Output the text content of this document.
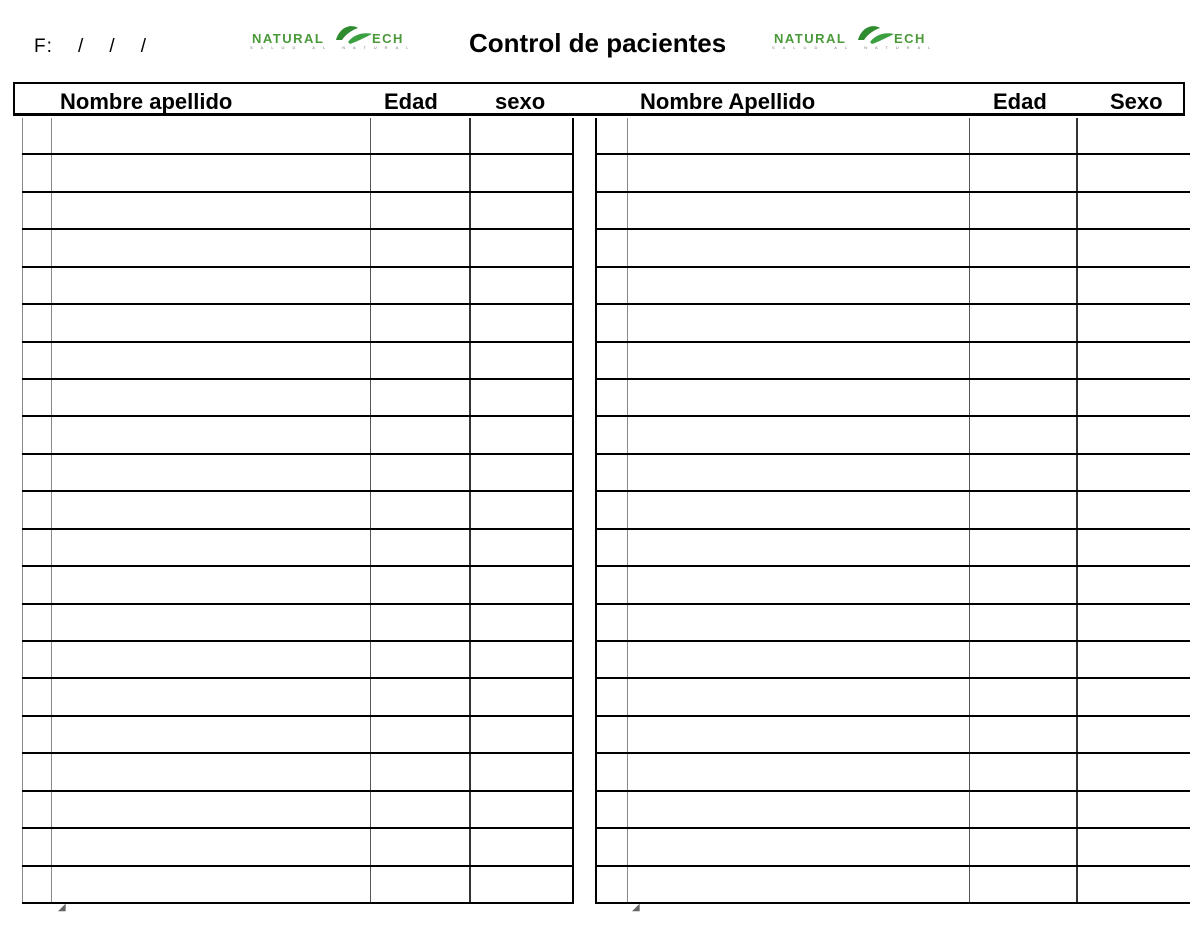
F:    /    /    /	NATURAL	ECH
SALUD AL NATURAL Control de pacientes	NATURAL	ECH
SALUD AL NATURAL
Nombre apellido	Edad	sexo	Nombre Apellido	Edad	Sexo
◢	◢
